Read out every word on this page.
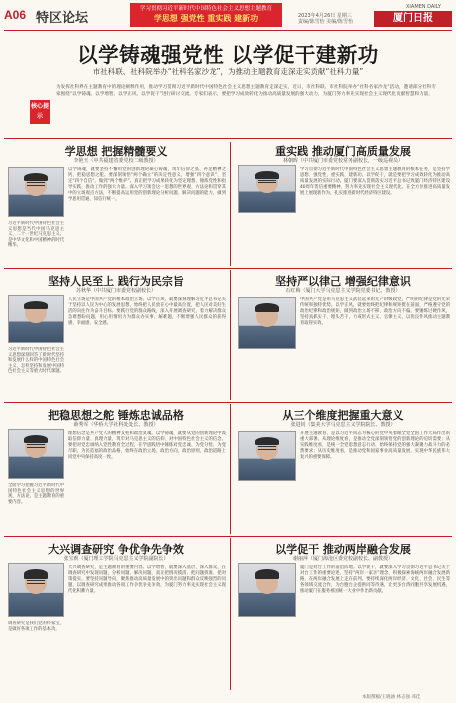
A06 特区论坛
学习贯彻习近平新时代中国特色社会主义思想主题教育
学思想 强党性 重实践 建新功	2023年4月26日 星期三
责编/陈雪怡 美编/陈雪怡
XIAMEN DAILY
厦门日报
以学铸魂强党性 以学促干建新功
市社科联、社科院举办“社科名家沙龙”，为推动主题教育走深走实贡献“社科力量”
核心提示
为发挥社科界在主题教育中的理论阐释作用，推动学习贯彻习近平新时代中国特色社会主义思想主题教育走深走实，近日，市社科联、市社科院举办“社科名家沙龙”活动，邀请部分社科专家围绕“以学铸魂、以学增智、以学正风、以学促干”进行研讨交流。专家们表示，要把学习成效转化为推动高质量发展的强大动力，为厦门努力率先实现社会主义现代化贡献智慧和力量。
学思想 把握精髓要义
李艳玉（中共福建省委党校二级教授）
习近平新时代中国特色社会主义思想是当代中国马克思主义、二十一世纪马克思主义，是中华文化和中国精神的时代精华。
以学铸魂，就要坚持不懈用党的创新理论凝心铸魂，筑牢信仰之基、补足精神之钙、把稳思想之舵。要深刻领悟“两个确立”的决定性意义，增强“四个意识”、坚定“四个自信”、做到“两个维护”。真正把学习成果转化为坚定理想、锤炼党性和指导实践、推动工作的强大力量。深入学习领会这一思想的世界观、方法论和贯穿其中的立场观点方法，不断提高运用党的创新理论分析问题、解决问题的能力，做到学思用贯通、知信行统一。
重实践 推动厦门高质量发展
林朝晖（中共厦门市委党校常务副校长，一级巡视员）
学习贯彻习近平新时代中国特色社会主义思想主题教育的根本任务，是坚持学思想、强党性、重实践、建新功。以学促干，就是要把学习成效转化为推动高质量发展的实际行动。厦门要深入贯彻落实习近平总书记致厦门经济特区建设40周年贺信重要精神，努力率先实现社会主义现代化，在全方位推进高质量发展上展现新作为，扎实推进新时代经济特区建设。
坚持人民至上 践行为民宗旨
苏秋华（中共厦门市委党校副校长）
习近平新时代中国特色社会主义思想深刻回答了新时代坚持和发展什么样的中国特色社会主义、怎样坚持和发展中国特色社会主义等重大时代课题。
人民立场是中国共产党的根本政治立场。以学正风，就要深刻理解习近平总书记关于坚持以人民为中心的发展思想，始终把人民放在心中最高位置，把人民对美好生活的向往作为奋斗目标。要践行党的群众路线，深入开展调查研究，着力解决群众急难愁盼问题，用心用情用力为群众办实事、解难题，不断增强人民群众的获得感、幸福感、安全感。
坚持严以律己 增强纪律意识
石红梅（厦门大学马克思主义学院党委书记、教授）
中国共产党是用马克思主义武装起来的无产阶级政党，严明的纪律是党的光荣传统和独特优势。以学正风，就要始终把纪律和规矩挺在前面，严格遵守党的政治纪律和政治规矩，做到政治立场不移、政治方向不偏。要锤炼过硬作风，坚持真抓实干、埋头苦干，力戒形式主义、官僚主义，以优良作风推动主题教育取得实效。
把稳思想之舵 锤炼忠诚品格
薛秀军（华侨大学社科处处长、教授）
全面学习把握习近平新时代中国特色社会主义思想的世界观、方法论，是主题教育的重要内容。
理想信念是共产党人的精神支柱和政治灵魂。以学铸魂，就要从党的创新理论中汲取信仰力量、真理力量，筑牢对马克思主义的信仰、对中国特色社会主义的信念。要把对党忠诚纳入党性教育全过程，在学思践悟中锤炼对党忠诚、为党分忧、为党尽职、为民造福的政治品格，始终在政治立场、政治方向、政治原则、政治道路上同党中央保持高度一致。
从三个维度把握重大意义
张进钊（集美大学马克思主义学院院长、教授）
开展主题教育，是以习近平同志为核心的党中央着眼全党全国工作大局作出的重大部署。从理论维度看，是推动全党深刻领悟党的创新理论的迫切需要；从实践维度看，是统一全党思想意志行动、始终保持党的强大凝聚力战斗力的必然要求；从历史维度看，是推动党和国家事业高质量发展、实现中华民族伟大复兴的重要保障。
大兴调查研究 争优争先争效
张宝莉（厦门理工学院马克思主义学院副院长）
调查研究是我们党的传家宝，是做好各项工作的基本功。
大兴调查研究，是主题教育的重要内容。以学增智，就要深入基层、深入群众，在调查研究中发现问题、分析问题、解决问题，真正把情况摸清、把问题找准、把对策提实。要坚持问题导向，聚焦推动高质量发展中的突出问题和群众反映强烈的问题，以调查研究成果推动各项工作争优争先争效，为厦门努力率先实现社会主义现代化积蓄力量。
以学促干 推动两岸融合发展
谢丽萍（厦门海沧区委党校副校长、副教授）
厦门是对台工作的前沿阵地。以学促干，就要深入学习贯彻习近平总书记关于对台工作的重要论述，坚持“两岸一家亲”理念，积极探索海峡两岸融合发展新路，在两岸融合发展上走在前列。要持续深化两岸经济、文化、社会、民生等各领域交流合作，为台胞台企提供同等待遇，让更多台湾同胞共享发展机遇，推动厦门在服务祖国统一大业中作出新贡献。
本版撰稿/王晓涵 林志强 邓佳
